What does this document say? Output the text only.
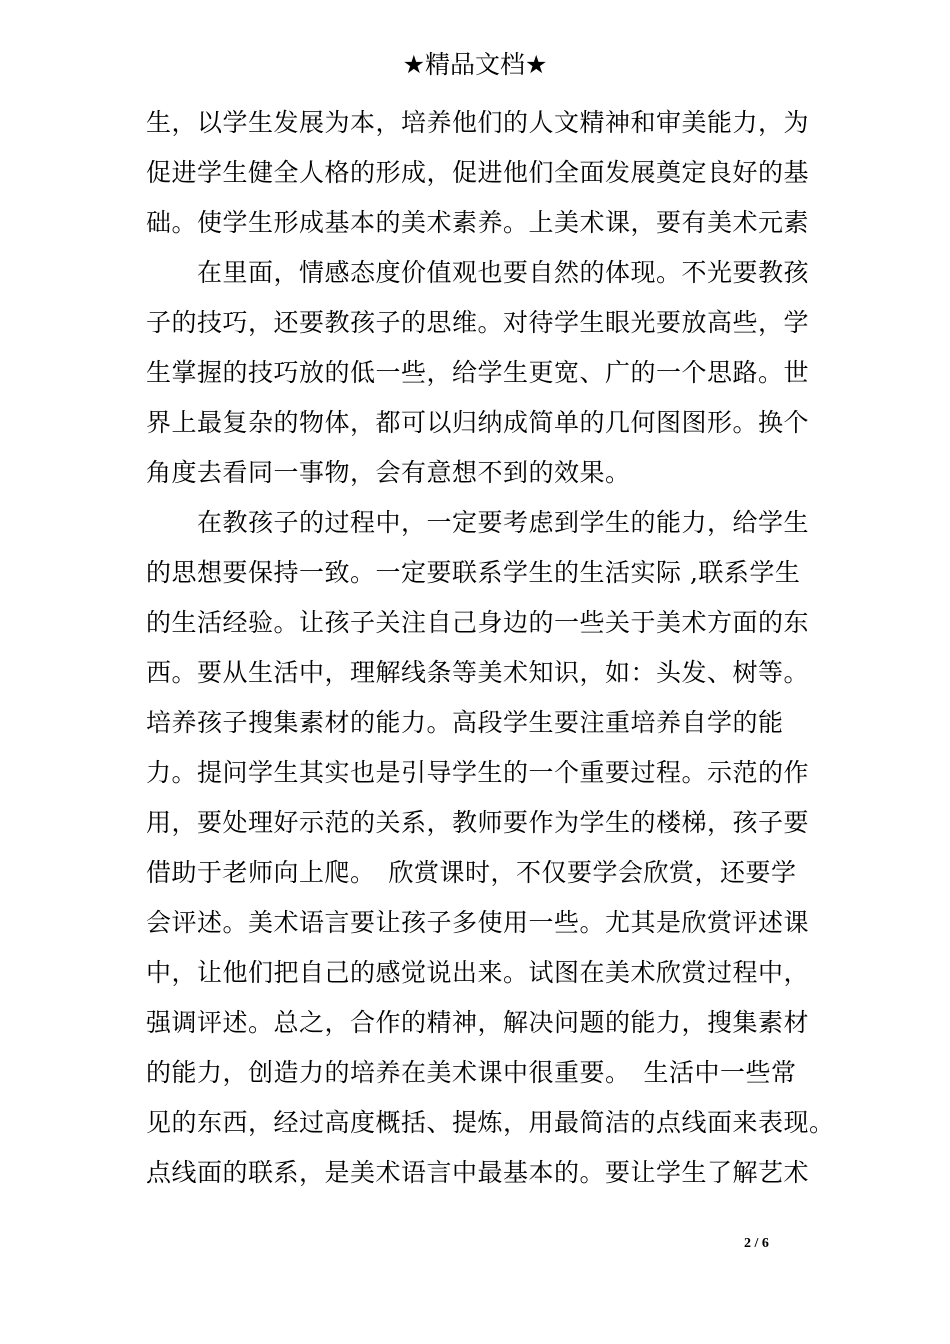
★精品文档★
生，以学生发展为本，培养他们的人文精神和审美能力，为
促进学生健全人格的形成，促进他们全面发展奠定良好的基
础。使学生形成基本的美术素养。上美术课，要有美术元素
　　在里面，情感态度价值观也要自然的体现。不光要教孩
子的技巧，还要教孩子的思维。对待学生眼光要放高些，学
生掌握的技巧放的低一些，给学生更宽、广的一个思路。世
界上最复杂的物体，都可以归纳成简单的几何图图形。换个
角度去看同一事物，会有意想不到的效果。
　　在教孩子的过程中，一定要考虑到学生的能力，给学生
的思想要保持一致。一定要联系学生的生活实际 ,联系学生
的生活经验。让孩子关注自己身边的一些关于美术方面的东
西。要从生活中，理解线条等美术知识，如：头发、树等。
培养孩子搜集素材的能力。高段学生要注重培养自学的能
力。提问学生其实也是引导学生的一个重要过程。示范的作
用，要处理好示范的关系，教师要作为学生的楼梯，孩子要
借助于老师向上爬。　欣赏课时，不仅要学会欣赏，还要学
会评述。美术语言要让孩子多使用一些。尤其是欣赏评述课
中，让他们把自己的感觉说出来。试图在美术欣赏过程中，
强调评述。总之，合作的精神，解决问题的能力，搜集素材
的能力，创造力的培养在美术课中很重要。　生活中一些常
见的东西，经过高度概括、提炼，用最简洁的点线面来表现。
点线面的联系，是美术语言中最基本的。要让学生了解艺术
2 / 6
